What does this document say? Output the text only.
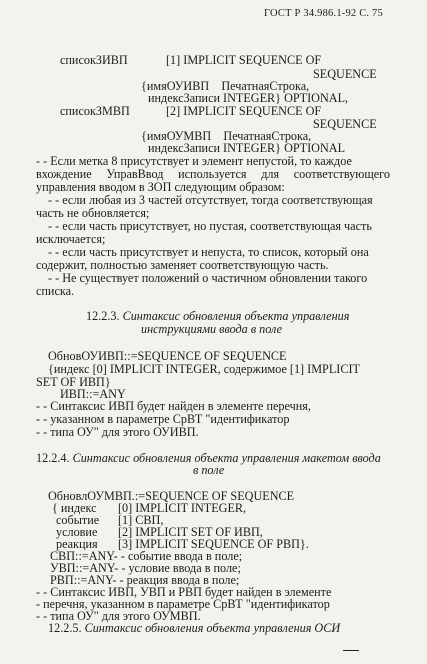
ГОСТ Р 34.986.1-92 С. 75
списокЗИВП	[1] IMPLICIT SEQUENCE OF
SEQUENCE
{имяОУИВП    ПечатнаяСтрока,
индексЗаписи INTEGER} OPTIONAL,
списокЗМВП	[2] IMPLICIT SEQUENCE OF
SEQUENCE
{имяОУМВП    ПечатнаяСтрока,
индексЗаписи INTEGER} OPTIONAL
- - Если метка 8 присутствует и элемент непустой, то каждое
вхождение УправВвод используется для соответствующего
управления вводом в ЗОП следующим образом:
- - если любая из 3 частей отсутствует, тогда соответствующая
часть не обновляется;
- - если часть присутствует, но пустая, соответствующая часть
исключается;
- - если часть присутствует и непуста, то список, который она
содержит, полностью заменяет соответствующую часть.
- - Не существует положений о частичном обновлении такого
списка.
12.2.3. Синтаксис обновления объекта управления
инструкциями ввода в поле
ОбновОУИВП::=SEQUENCE OF SEQUENCE
{индекс [0] IMPLICIT INTEGER, содержимое [1] IMPLICIT
SET OF ИВП}
ИВП::=ANY
- - Синтаксис ИВП будет найден в элементе перечня,
- - указанном в параметре СрВТ "идентификатор
- - типа ОУ" для этого ОУИВП.
12.2.4. Синтаксис обновления объекта управления макетом ввода
в поле
ОбновлОУМВП.:=SEQUENCE OF SEQUENCE
{ индекс [0] IMPLICIT INTEGER,
событие [1] СВП,
условие [2] IMPLICIT SET OF ИВП,
реакция [3] IMPLICIT SEQUENCE OF РВП}.
СВП::=ANY- - событие ввода в поле;
УВП::=ANY- - условие ввода в поле;
РВП::=ANY- - реакция ввода в поле;
- - Синтаксис ИВП, УВП и РВП будет найден в элементе
- перечня, указанном в параметре СрВТ "идентификатор
- - типа ОУ" для этого ОУМВП.
12.2.5. Синтаксис обновления объекта управления ОСИ
